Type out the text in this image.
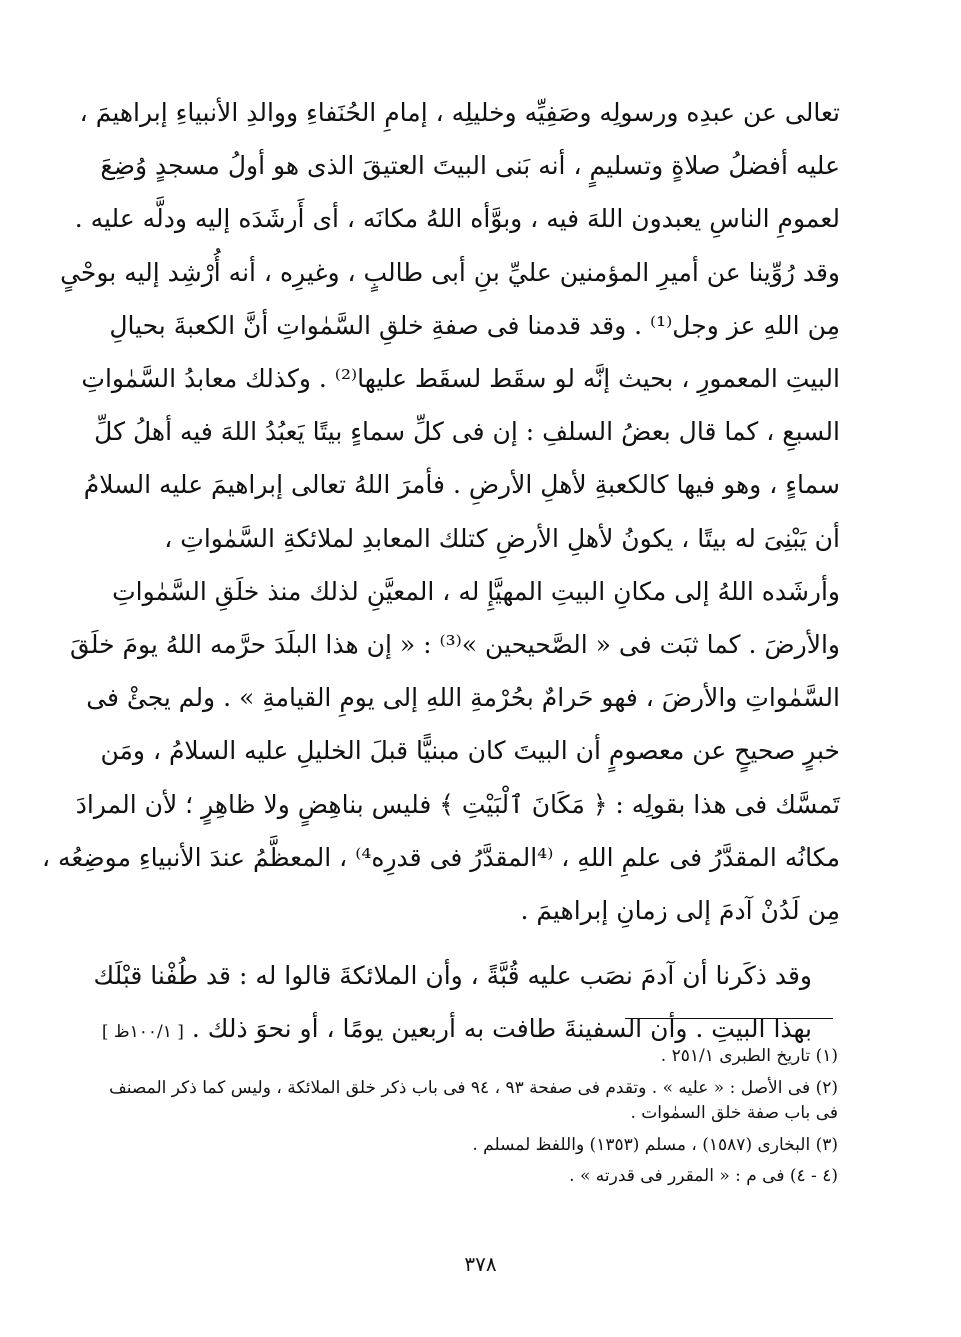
تعالى عن عبدِه ورسولِه وصَفِيِّه وخليلِه ، إمامِ الحُنَفاءِ ووالدِ الأنبياءِ إبراهيمَ ،
عليه أفضلُ صلاةٍ وتسليمٍ ، أنه بَنى البيتَ العتيقَ الذى هو أولُ مسجدٍ وُضِعَ
لعمومِ الناسِ يعبدون اللهَ فيه ، وبوَّأه اللهُ مكانَه ، أى أَرشَدَه إليه ودلَّه عليه .
وقد رُوِّينا عن أميرِ المؤمنين عليِّ بنِ أبى طالبٍ ، وغيرِه ، أنه أُرْشِد إليه بوحْىٍ
مِن اللهِ عز وجل⁽¹⁾ . وقد قدمنا فى صفةِ خلقِ السَّمٰواتِ أنَّ الكعبةَ بحيالِ
البيتِ المعمورِ ، بحيث إنَّه لو سقَط لسقَط عليها⁽²⁾ . وكذلك معابدُ السَّمٰواتِ
السبعِ ، كما قال بعضُ السلفِ : إن فى كلِّ سماءٍ بيتًا يَعبُدُ اللهَ فيه أهلُ كلِّ
سماءٍ ، وهو فيها كالكعبةِ لأهلِ الأرضِ . فأمرَ اللهُ تعالى إبراهيمَ عليه السلامُ
أن يَبْنِىَ له بيتًا ، يكونُ لأهلِ الأرضِ كتلك المعابدِ لملائكةِ السَّمٰواتِ ،
وأرشَده اللهُ إلى مكانِ البيتِ المهيَّإِ له ، المعيَّنِ لذلك منذ خلَقِ السَّمٰواتِ
والأرضَ . كما ثبَت فى « الصَّحيحين »⁽³⁾ : « إن هذا البلَدَ حرَّمه اللهُ يومَ خلَقَ
السَّمٰواتِ والأرضَ ، فهو حَرامٌ بحُرْمةِ اللهِ إلى يومِ القيامةِ » . ولم يجئْ فى
خبرٍ صحيحٍ عن معصومٍ أن البيتَ كان مبنيًّا قبلَ الخليلِ عليه السلامُ ، ومَن
تَمسَّك فى هذا بقولِه : ﴿ مَكَانَ ٱلْبَيْتِ ﴾ فليس بناهِضٍ ولا ظاهِرٍ ؛ لأن المرادَ
مكانُه المقدَّرُ فى علمِ اللهِ ، ⁽⁴المقدَّرُ فى قدرِه⁴⁾ ، المعظَّمُ عندَ الأنبياءِ موضِعُه ،
مِن لَدُنْ آدمَ إلى زمانِ إبراهيمَ .
وقد ذكَرنا أن آدمَ نصَب عليه قُبَّةً ، وأن الملائكةَ قالوا له : قد طُفْنا قبْلَك
بهذا البيتِ . وأن السفينةَ طافت به أربعين يومًا ، أو نحوَ ذلك . [ ١٠٠/١ظ ]

(١) تاريخ الطبرى ٢٥١/١ .

(٢) فى الأصل : « عليه » . وتقدم فى صفحة ٩٣ ، ٩٤ فى باب ذكر خلق الملائكة ، وليس كما ذكر المصنف فى باب صفة خلق السمٰوات .

(٣) البخارى (١٥٨٧) ، مسلم (١٣٥٣) واللفظ لمسلم .

(٤ - ٤) فى م : « المقرر فى قدرته » .

٣٧٨
